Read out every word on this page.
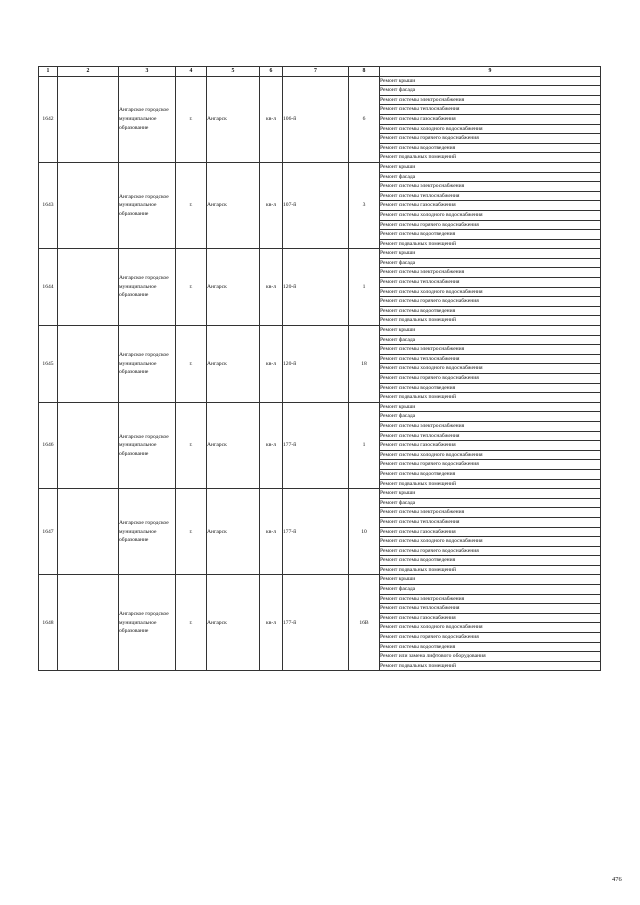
1	2	3	4	5	6	7	8	9
1642		Ангарское городское муниципальное образование	г.	Ангарск	кв-л	106-й	6	Ремонт крыши
								Ремонт фасада
								Ремонт системы электроснабжения
								Ремонт системы теплоснабжения
								Ремонт системы газоснабжения
								Ремонт системы холодного водоснабжения
								Ремонт системы горячего водоснабжения
								Ремонт системы водоотведения
								Ремонт подвальных помещений
1643		Ангарское городское муниципальное образование	г.	Ангарск	кв-л	107-й	3	Ремонт крыши
								Ремонт фасада
								Ремонт системы электроснабжения
								Ремонт системы теплоснабжения
								Ремонт системы газоснабжения
								Ремонт системы холодного водоснабжения
								Ремонт системы горячего водоснабжения
								Ремонт системы водоотведения
								Ремонт подвальных помещений
1644		Ангарское городское муниципальное образование	г.	Ангарск	кв-л	120-й	1	Ремонт крыши
								Ремонт фасада
								Ремонт системы электроснабжения
								Ремонт системы теплоснабжения
								Ремонт системы холодного водоснабжения
								Ремонт системы горячего водоснабжения
								Ремонт системы водоотведения
								Ремонт подвальных помещений
1645		Ангарское городское муниципальное образование	г.	Ангарск	кв-л	120-й	18	Ремонт крыши
								Ремонт фасада
								Ремонт системы электроснабжения
								Ремонт системы теплоснабжения
								Ремонт системы холодного водоснабжения
								Ремонт системы горячего водоснабжения
								Ремонт системы водоотведения
								Ремонт подвальных помещений
1646		Ангарское городское муниципальное образование	г.	Ангарск	кв-л	177-й	1	Ремонт крыши
								Ремонт фасада
								Ремонт системы электроснабжения
								Ремонт системы теплоснабжения
								Ремонт системы газоснабжения
								Ремонт системы холодного водоснабжения
								Ремонт системы горячего водоснабжения
								Ремонт системы водоотведения
								Ремонт подвальных помещений
1647		Ангарское городское муниципальное образование	г.	Ангарск	кв-л	177-й	10	Ремонт крыши
								Ремонт фасада
								Ремонт системы электроснабжения
								Ремонт системы теплоснабжения
								Ремонт системы газоснабжения
								Ремонт системы холодного водоснабжения
								Ремонт системы горячего водоснабжения
								Ремонт системы водоотведения
								Ремонт подвальных помещений
1648		Ангарское городское муниципальное образование	г.	Ангарск	кв-л	177-й	16В	Ремонт крыши
								Ремонт фасада
								Ремонт системы электроснабжения
								Ремонт системы теплоснабжения
								Ремонт системы газоснабжения
								Ремонт системы холодного водоснабжения
								Ремонт системы горячего водоснабжения
								Ремонт системы водоотведения
								Ремонт или замена лифтового оборудования
								Ремонт подвальных помещений
476
